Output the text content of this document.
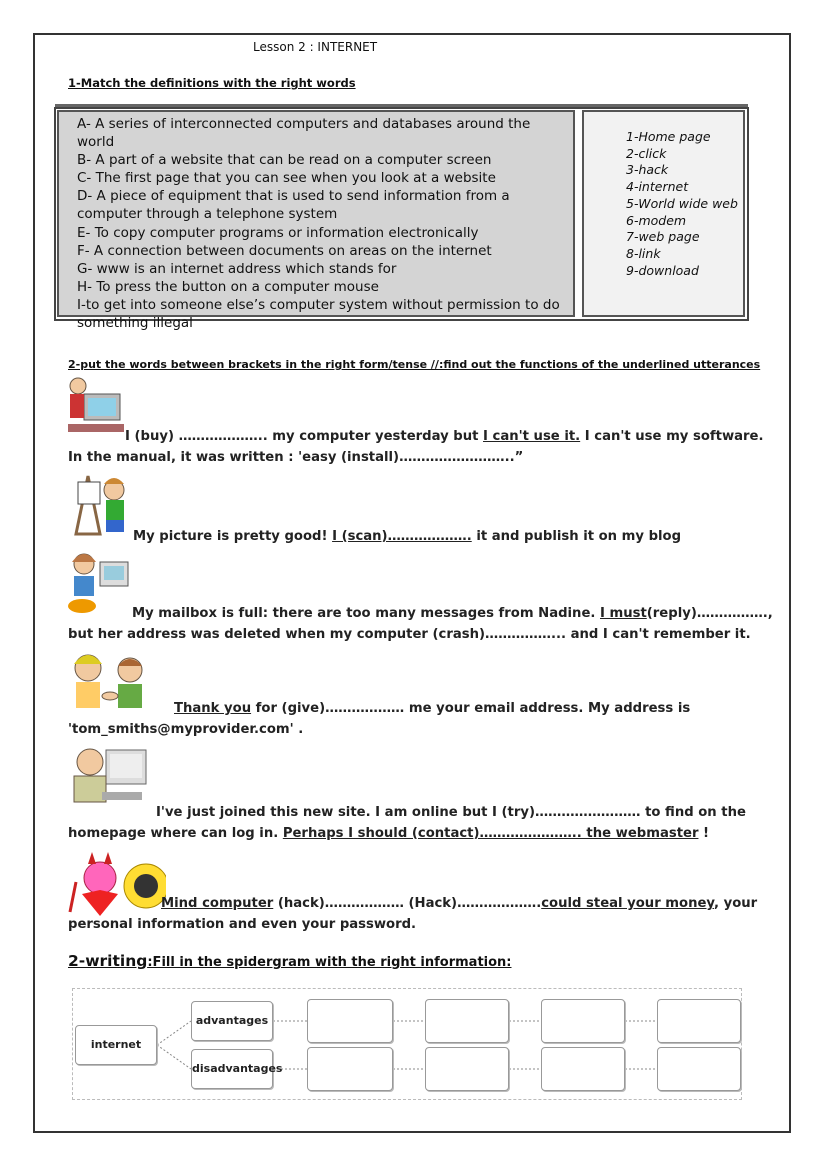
Lesson 2 : INTERNET
1-Match the definitions with the right words
A- A series of interconnected computers and databases around the world
B- A part of a website that can be read on a computer screen
C- The first page that you can see when you look at a website
D- A piece of equipment that is used to send information from a computer through a telephone system
E- To copy computer programs or information electronically
F- A connection between documents on areas on the internet
G- www is an internet address which stands for
H- To press the button on a computer mouse
I-to get into someone else’s computer system without permission to do something illegal
1-Home page
2-click
3-hack
4-internet
5-World wide web
6-modem
7-web page
8-link
9-download
2-put the words between brackets in the right form/tense //:find out the functions of the underlined utterances
I (buy) ……………….. my computer yesterday but I can't use it. I can't use my software. In the manual, it was written : 'easy (install)……………………..”
My picture is pretty good! I (scan)………………. it and publish it on my blog
My mailbox is full: there are too many messages from Nadine. I must(reply)……………., but her address was deleted when my computer (crash)……………... and I can't remember it.
Thank you for (give)……………… me your email address. My address is 'tom_smiths@myprovider.com' .
I've just joined this new site. I am online but I (try)…………………… to find on the homepage where can log in. Perhaps I should (contact)………………….. the webmaster !
Mind computer (hack)……………… (Hack)……………….could steal your money, your personal information and even your password.
2-writing:Fill in the spidergram with the right information:
internet
advantages
disadvantages
